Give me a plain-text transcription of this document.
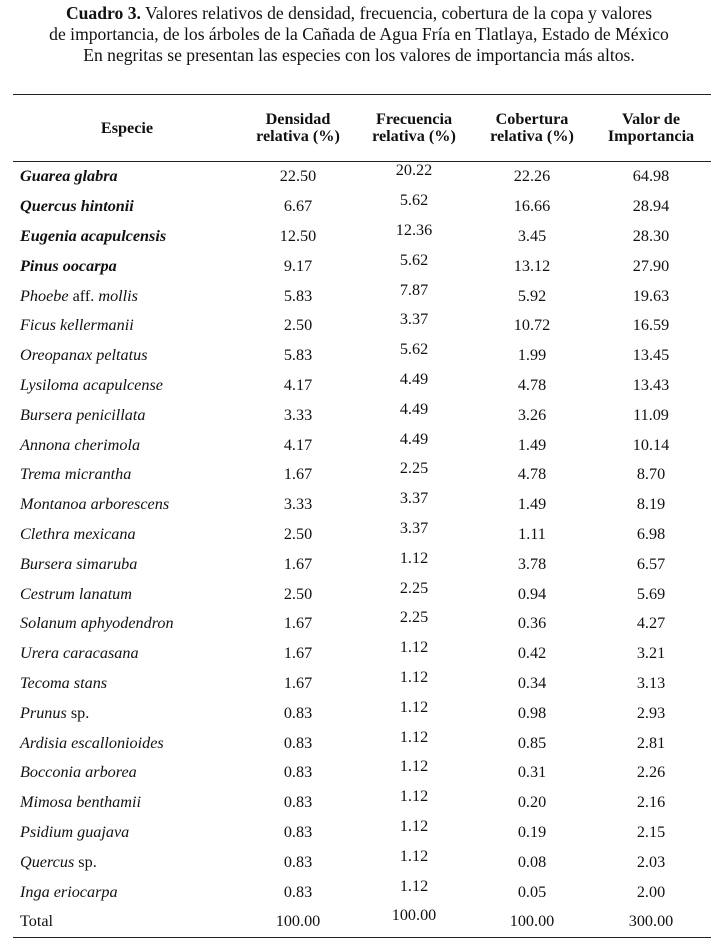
Cuadro 3. Valores relativos de densidad, frecuencia, cobertura de la copa y valores
de importancia, de los árboles de la Cañada de Agua Fría en Tlatlaya, Estado de México
En negritas se presentan las especies con los valores de importancia más altos.
Especie	Densidad relativa (%)	Frecuencia relativa (%)	Cobertura relativa (%)	Valor de Importancia
Guarea glabra	22.50	20.22	22.26	64.98
Quercus hintonii	6.67	5.62	16.66	28.94
Eugenia acapulcensis	12.50	12.36	3.45	28.30
Pinus oocarpa	9.17	5.62	13.12	27.90
Phoebe aff. mollis	5.83	7.87	5.92	19.63
Ficus kellermanii	2.50	3.37	10.72	16.59
Oreopanax peltatus	5.83	5.62	1.99	13.45
Lysiloma acapulcense	4.17	4.49	4.78	13.43
Bursera penicillata	3.33	4.49	3.26	11.09
Annona cherimola	4.17	4.49	1.49	10.14
Trema micrantha	1.67	2.25	4.78	8.70
Montanoa arborescens	3.33	3.37	1.49	8.19
Clethra mexicana	2.50	3.37	1.11	6.98
Bursera simaruba	1.67	1.12	3.78	6.57
Cestrum lanatum	2.50	2.25	0.94	5.69
Solanum aphyodendron	1.67	2.25	0.36	4.27
Urera caracasana	1.67	1.12	0.42	3.21
Tecoma stans	1.67	1.12	0.34	3.13
Prunus sp.	0.83	1.12	0.98	2.93
Ardisia escallonioides	0.83	1.12	0.85	2.81
Bocconia arborea	0.83	1.12	0.31	2.26
Mimosa benthamii	0.83	1.12	0.20	2.16
Psidium guajava	0.83	1.12	0.19	2.15
Quercus sp.	0.83	1.12	0.08	2.03
Inga eriocarpa	0.83	1.12	0.05	2.00
Total	100.00	100.00	100.00	300.00
